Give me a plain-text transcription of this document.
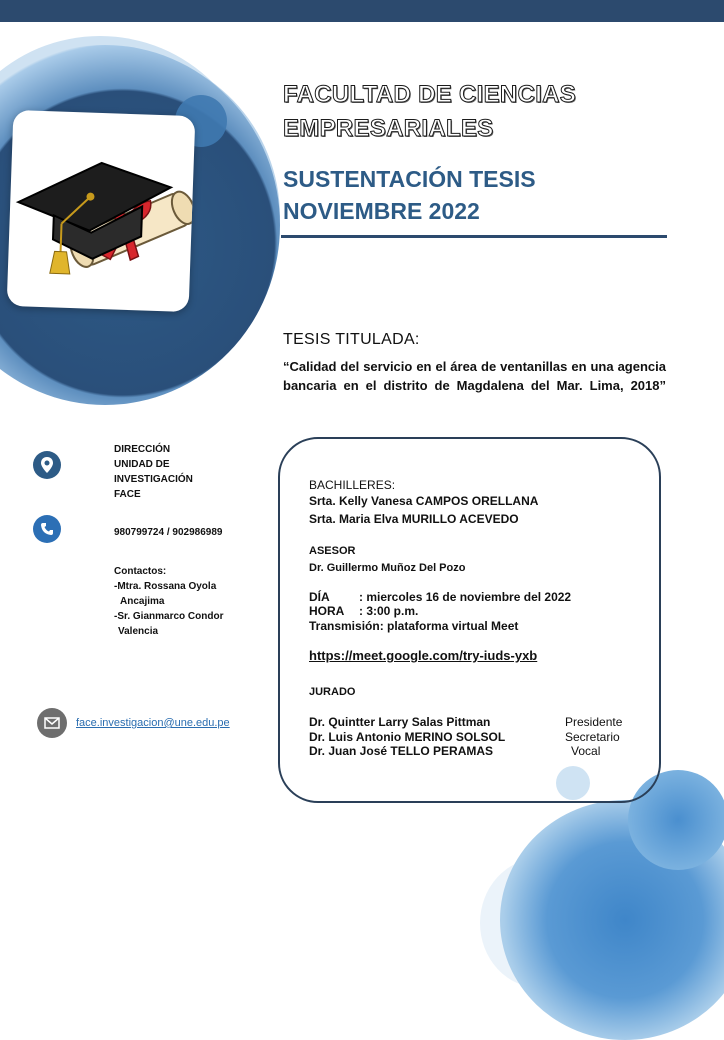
FACULTAD DE CIENCIAS
EMPRESARIALES
SUSTENTACIÓN TESIS
NOVIEMBRE 2022
TESIS TITULADA:
“Calidad del servicio en el área de ventanillas en una agencia bancaria en el distrito de Magdalena del Mar. Lima, 2018”
DIRECCIÓN
UNIDAD DE
INVESTIGACIÓN
FACE
980799724 / 902986989
Contactos:
-Mtra. Rossana Oyola
Ancajima
-Sr. Gianmarco Condor
Valencia
face.investigacion@une.edu.pe
BACHILLERES:
Srta. Kelly Vanesa CAMPOS ORELLANA
Srta. Maria Elva MURILLO ACEVEDO
ASESOR
Dr. Guillermo Muñoz Del Pozo
DÍA : miercoles 16 de noviembre del 2022
HORA : 3:00 p.m.
Transmisión: plataforma virtual Meet
https://meet.google.com/try-iuds-yxb
JURADO
Dr. Quintter Larry Salas Pittman	Presidente
Dr. Luis Antonio MERINO SOLSOL	Secretario
Dr. Juan José TELLO PERAMAS	Vocal
